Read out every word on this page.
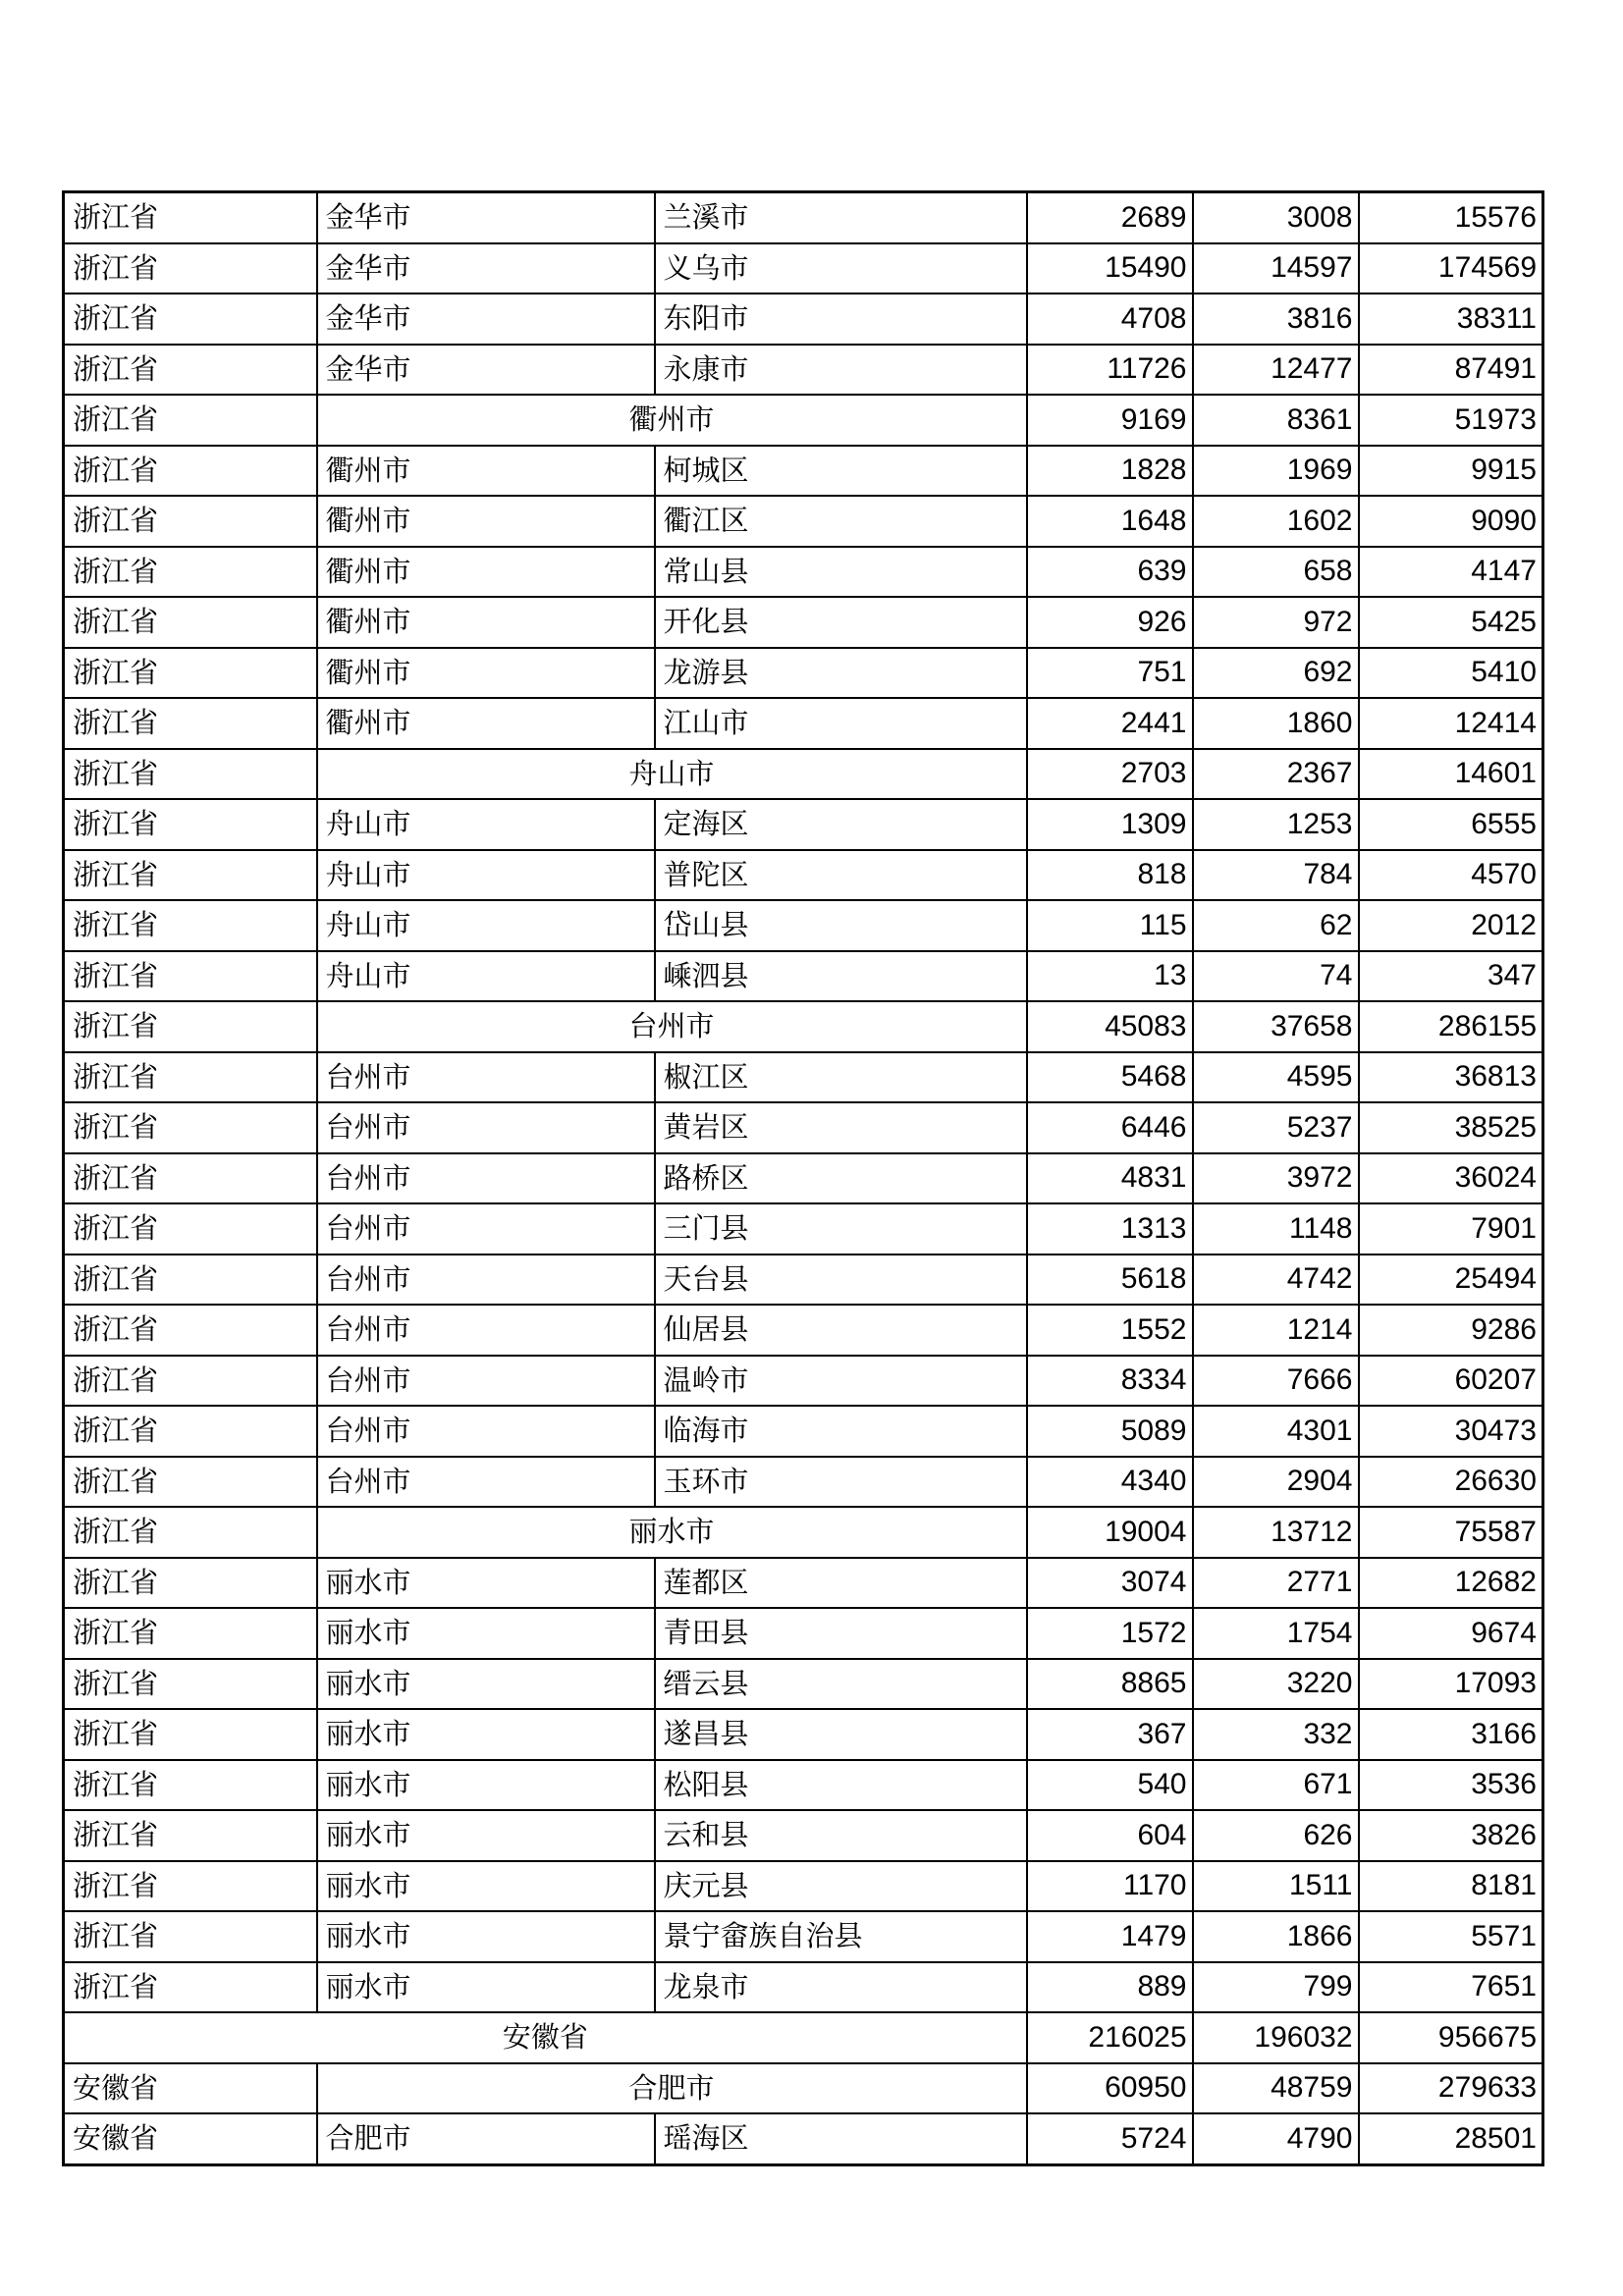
浙江省	金华市	兰溪市	2689	3008	15576
浙江省	金华市	义乌市	15490	14597	174569
浙江省	金华市	东阳市	4708	3816	38311
浙江省	金华市	永康市	11726	12477	87491
浙江省	衢州市		9169	8361	51973
浙江省	衢州市	柯城区	1828	1969	9915
浙江省	衢州市	衢江区	1648	1602	9090
浙江省	衢州市	常山县	639	658	4147
浙江省	衢州市	开化县	926	972	5425
浙江省	衢州市	龙游县	751	692	5410
浙江省	衢州市	江山市	2441	1860	12414
浙江省	舟山市		2703	2367	14601
浙江省	舟山市	定海区	1309	1253	6555
浙江省	舟山市	普陀区	818	784	4570
浙江省	舟山市	岱山县	115	62	2012
浙江省	舟山市	嵊泗县	13	74	347
浙江省	台州市		45083	37658	286155
浙江省	台州市	椒江区	5468	4595	36813
浙江省	台州市	黄岩区	6446	5237	38525
浙江省	台州市	路桥区	4831	3972	36024
浙江省	台州市	三门县	1313	1148	7901
浙江省	台州市	天台县	5618	4742	25494
浙江省	台州市	仙居县	1552	1214	9286
浙江省	台州市	温岭市	8334	7666	60207
浙江省	台州市	临海市	5089	4301	30473
浙江省	台州市	玉环市	4340	2904	26630
浙江省	丽水市		19004	13712	75587
浙江省	丽水市	莲都区	3074	2771	12682
浙江省	丽水市	青田县	1572	1754	9674
浙江省	丽水市	缙云县	8865	3220	17093
浙江省	丽水市	遂昌县	367	332	3166
浙江省	丽水市	松阳县	540	671	3536
浙江省	丽水市	云和县	604	626	3826
浙江省	丽水市	庆元县	1170	1511	8181
浙江省	丽水市	景宁畲族自治县	1479	1866	5571
浙江省	丽水市	龙泉市	889	799	7651
安徽省			216025	196032	956675
安徽省	合肥市		60950	48759	279633
安徽省	合肥市	瑶海区	5724	4790	28501
